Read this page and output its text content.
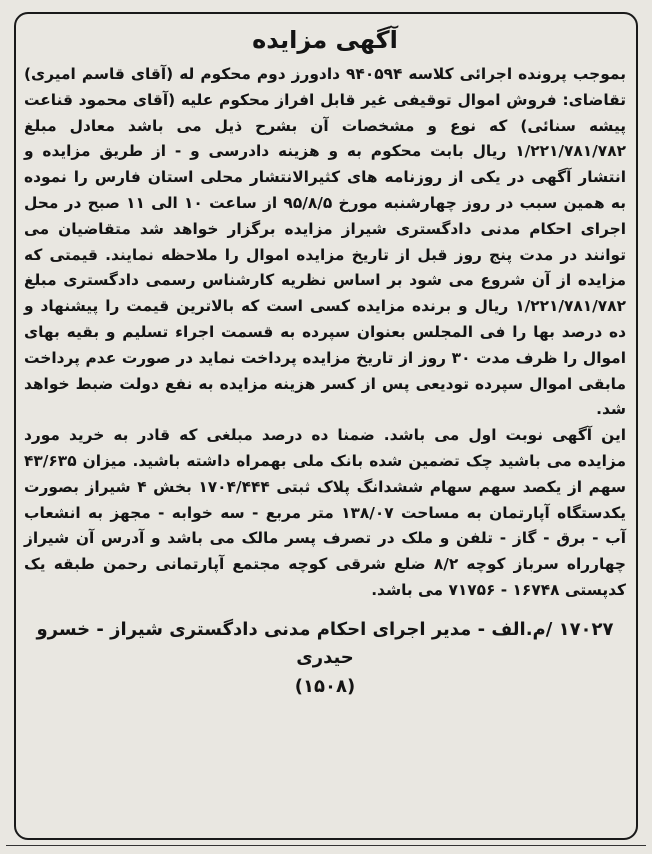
آگهی مزایده

بموجب پرونده اجرائی کلاسه ۹۴۰۵۹۴ دادورز دوم محکوم له (آقای قاسم امیری) تقاضای: فروش اموال توقیفی غیر قابل افراز محکوم علیه (آقای محمود قناعت پیشه سنائی) که نوع و مشخصات آن بشرح ذیل می باشد معادل مبلغ ۱/۲۲۱/۷۸۱/۷۸۲ ریال بابت محکوم به و هزینه دادرسی و - از طریق مزایده و انتشار آگهی در یکی از روزنامه های کثیرالانتشار محلی استان فارس را نموده به همین سبب در روز چهارشنبه مورخ ۹۵/۸/۵ از ساعت ۱۰ الی ۱۱ صبح در محل اجرای احکام مدنی دادگستری شیراز مزایده برگزار خواهد شد متقاضیان می توانند در مدت پنج روز قبل از تاریخ مزایده اموال را ملاحظه نمایند. قیمتی که مزایده از آن شروع می شود بر اساس نظریه کارشناس رسمی دادگستری مبلغ ۱/۲۲۱/۷۸۱/۷۸۲ ریال و برنده مزایده کسی است که بالاترین قیمت را پیشنهاد و ده درصد بها را فی المجلس بعنوان سپرده به قسمت اجراء تسلیم و بقیه بهای اموال را ظرف مدت ۳۰ روز از تاریخ مزایده پرداخت نماید در صورت عدم پرداخت مابقی اموال سپرده تودیعی پس از کسر هزینه مزایده به نفع دولت ضبط خواهد شد.

این آگهی نوبت اول می باشد. ضمنا ده درصد مبلغی که قادر به خرید مورد مزایده می باشید چک تضمین شده بانک ملی بهمراه داشته باشید. میزان ۴۳/۶۳۵ سهم از یکصد سهم سهام ششدانگ پلاک ثبتی ۱۷۰۴/۴۴۴ بخش ۴ شیراز بصورت یکدستگاه آپارتمان به مساحت ۱۳۸/۰۷ متر مربع - سه خوابه - مجهز به انشعاب آب - برق - گاز - تلفن و ملک در تصرف پسر مالک می باشد و آدرس آن شیراز چهارراه سرباز کوچه ۸/۲ ضلع شرقی کوچه مجتمع آپارتمانی رحمن طبقه یک کدپستی ۱۶۷۴۸ - ۷۱۷۵۶ می باشد.

۱۷۰۲۷ /م.الف - مدیر اجرای احکام مدنی دادگستری شیراز - خسرو حیدری
(۱۵۰۸)
